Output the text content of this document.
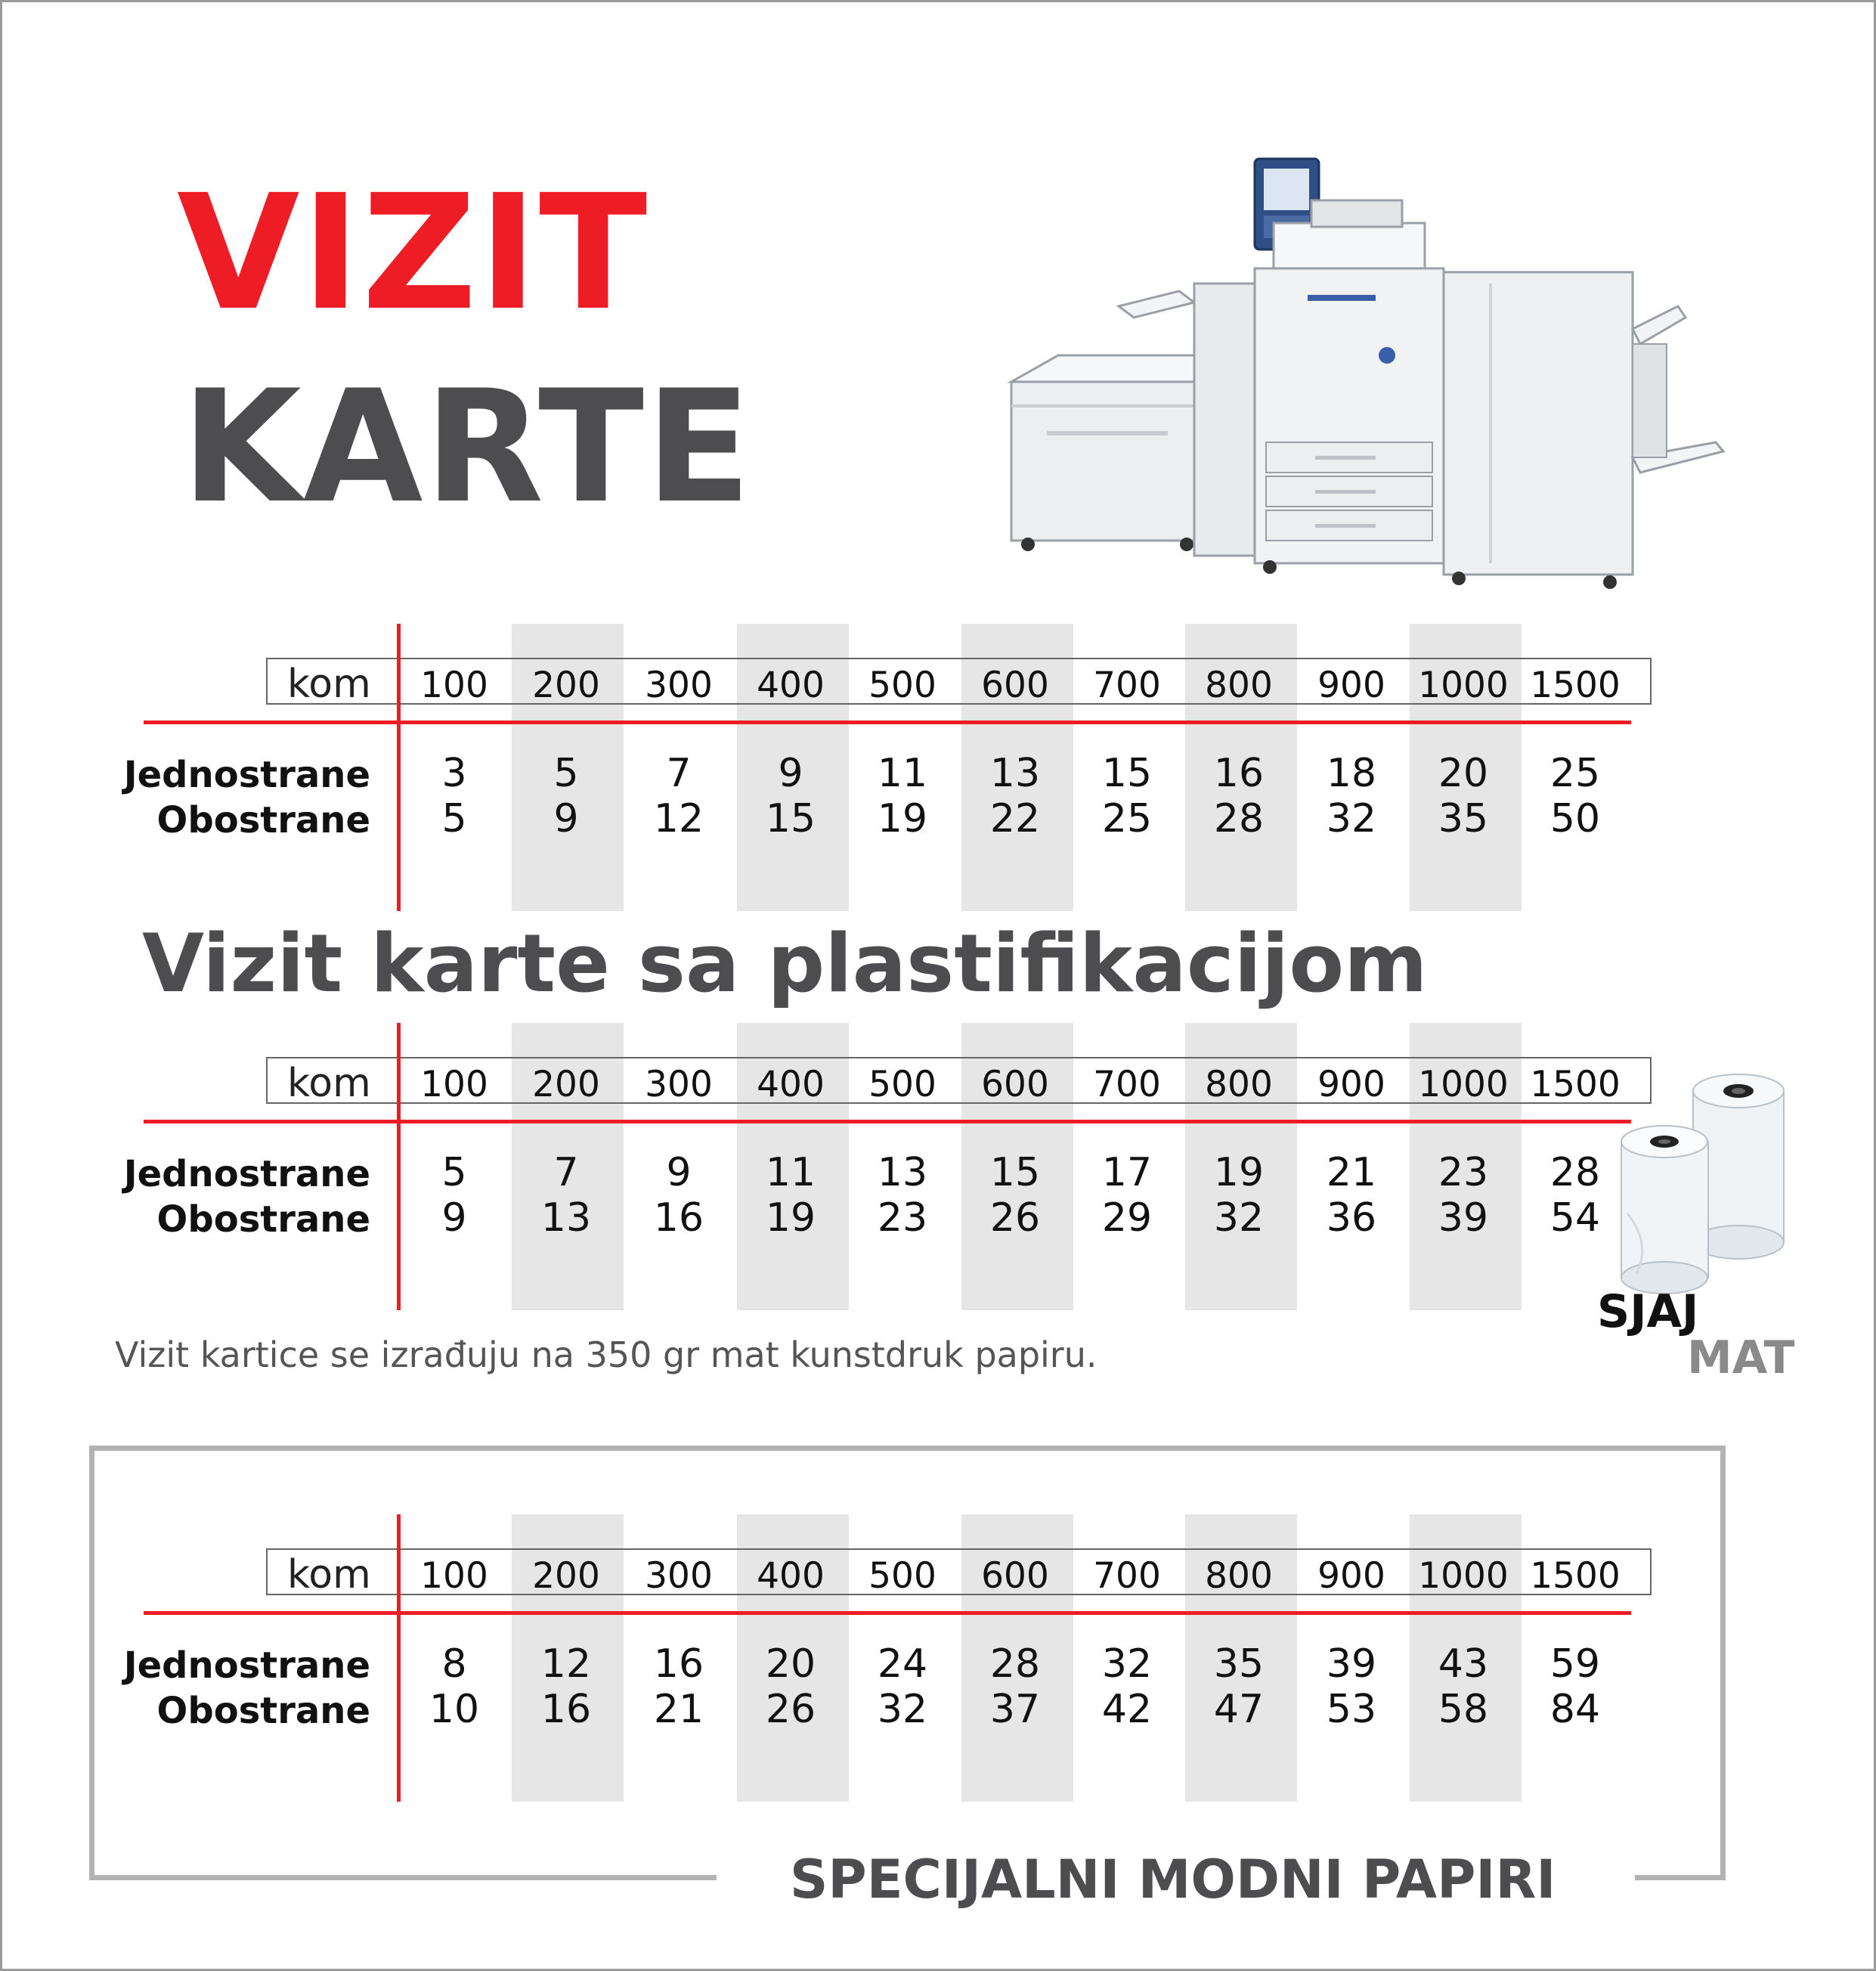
VIZIT
KARTE
kom	100	200	300	400	500	600	700	800	900 1000 1500
Jednostrane
Obostrane
3	5	7	9	11	13	15	16	18	20	25
5	9	12	15	19	22	25	28	32	35	50
Vizit karte sa plastifikacijom
kom	100	200	300	400	500	600	700	800	900 1000 1500
Jednostrane
Obostrane
5	7	9	11	13	15	17	19	21	23	28
9	13	16	19	23	26	29	32	36	39	54
SJAJ
MAT
Vizit kartice se izrađuju na 350 gr mat kunstdruk papiru.
kom	100	200	300	400	500	600	700	800	900 1000 1500
Jednostrane
Obostrane
8	12	16	20	24	28	32	35	39	43	59
10	16	21	26	32	37	42	47	53	58	84
SPECIJALNI MODNI PAPIRI
